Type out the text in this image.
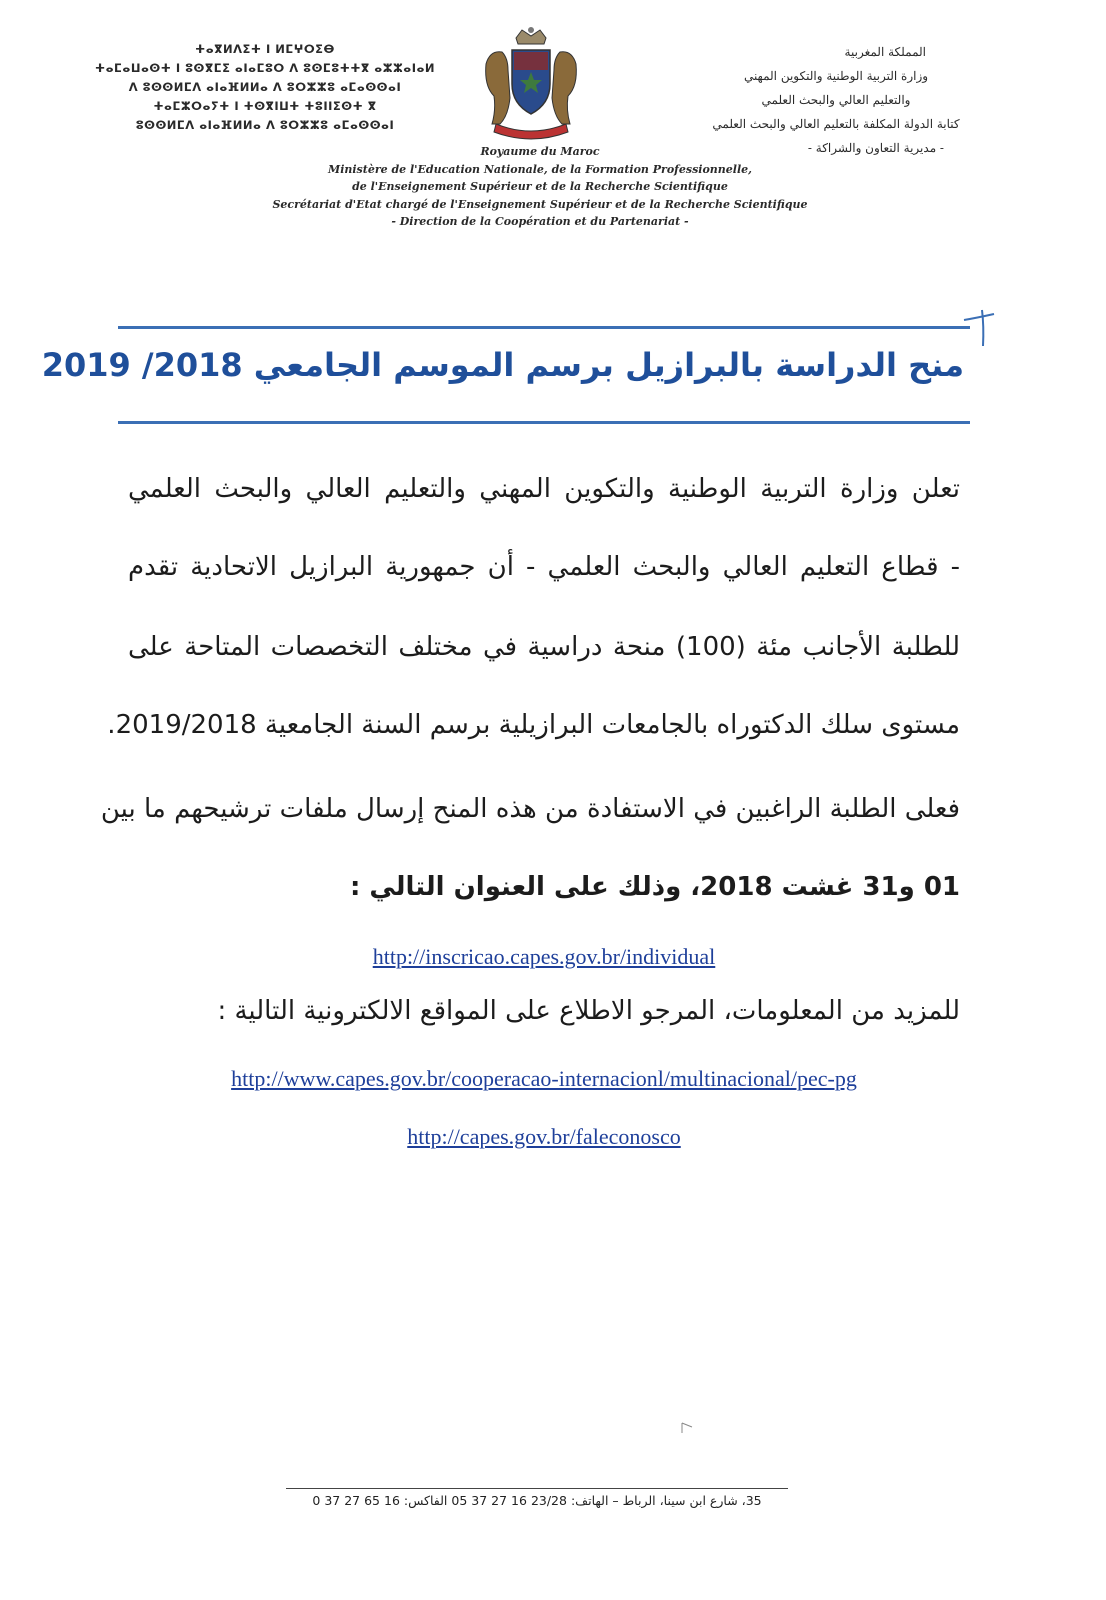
ⵜⴰⴳⵍⴷⵉⵜ ⵏ ⵍⵎⵖⵔⵉⴱ
ⵜⴰⵎⴰⵡⴰⵙⵜ ⵏ ⵓⵙⴳⵎⵉ ⴰⵏⴰⵎⵓⵔ ⴷ ⵓⵙⵎⵓⵜⵜⴳ ⴰⵣⵣⴰⵏⴰⵍ
ⴷ ⵓⵙⵙⵍⵎⴷ ⴰⵏⴰⴼⵍⵍⴰ ⴷ ⵓⵔⵣⵣⵓ ⴰⵎⴰⵙⵙⴰⵏ
ⵜⴰⵎⵣⵔⴰⵢⵜ ⵏ ⵜⵙⴳⵏⵡⵜ ⵜⵓⵏⵏⵉⵙⵜ ⴳ
ⵓⵙⵙⵍⵎⴷ ⴰⵏⴰⴼⵍⵍⴰ ⴷ ⵓⵔⵣⵣⵓ ⴰⵎⴰⵙⵙⴰⵏ
المملكة المغربية
وزارة التربية الوطنية والتكوين المهني
والتعليم العالي والبحث العلمي
كتابة الدولة المكلفة بالتعليم العالي والبحث العلمي
- مديرية التعاون والشراكة -
Royaume du Maroc
Ministère de l'Education Nationale, de la Formation Professionnelle,
de l'Enseignement Supérieur et de la Recherche Scientifique
Secrétariat d'Etat chargé de l'Enseignement Supérieur et de la Recherche Scientifique
- Direction de la Coopération et du Partenariat -
منح الدراسة بالبرازيل برسم الموسم الجامعي 2018/ 2019
تعلن وزارة التربية الوطنية والتكوين المهني والتعليم العالي والبحث العلمي
- قطاع التعليم العالي والبحث العلمي - أن جمهورية البرازيل الاتحادية تقدم
للطلبة الأجانب مئة (100) منحة دراسية في مختلف التخصصات المتاحة على
مستوى سلك الدكتوراه بالجامعات البرازيلية برسم السنة الجامعية 2019/2018.
فعلى الطلبة الراغبين في الاستفادة من هذه المنح إرسال ملفات ترشيحهم ما بين
01 و31 غشت 2018، وذلك على العنوان التالي :
http://inscricao.capes.gov.br/individual
للمزيد من المعلومات، المرجو الاطلاع على المواقع الالكترونية التالية :
http://www.capes.gov.br/cooperacao-internacionl/multinacional/pec-pg
http://capes.gov.br/faleconosco
35، شارع ابن سينا، الرباط – الهاتف: 23/28 16 27 37 05 الفاكس: 16 65 27 37 0
